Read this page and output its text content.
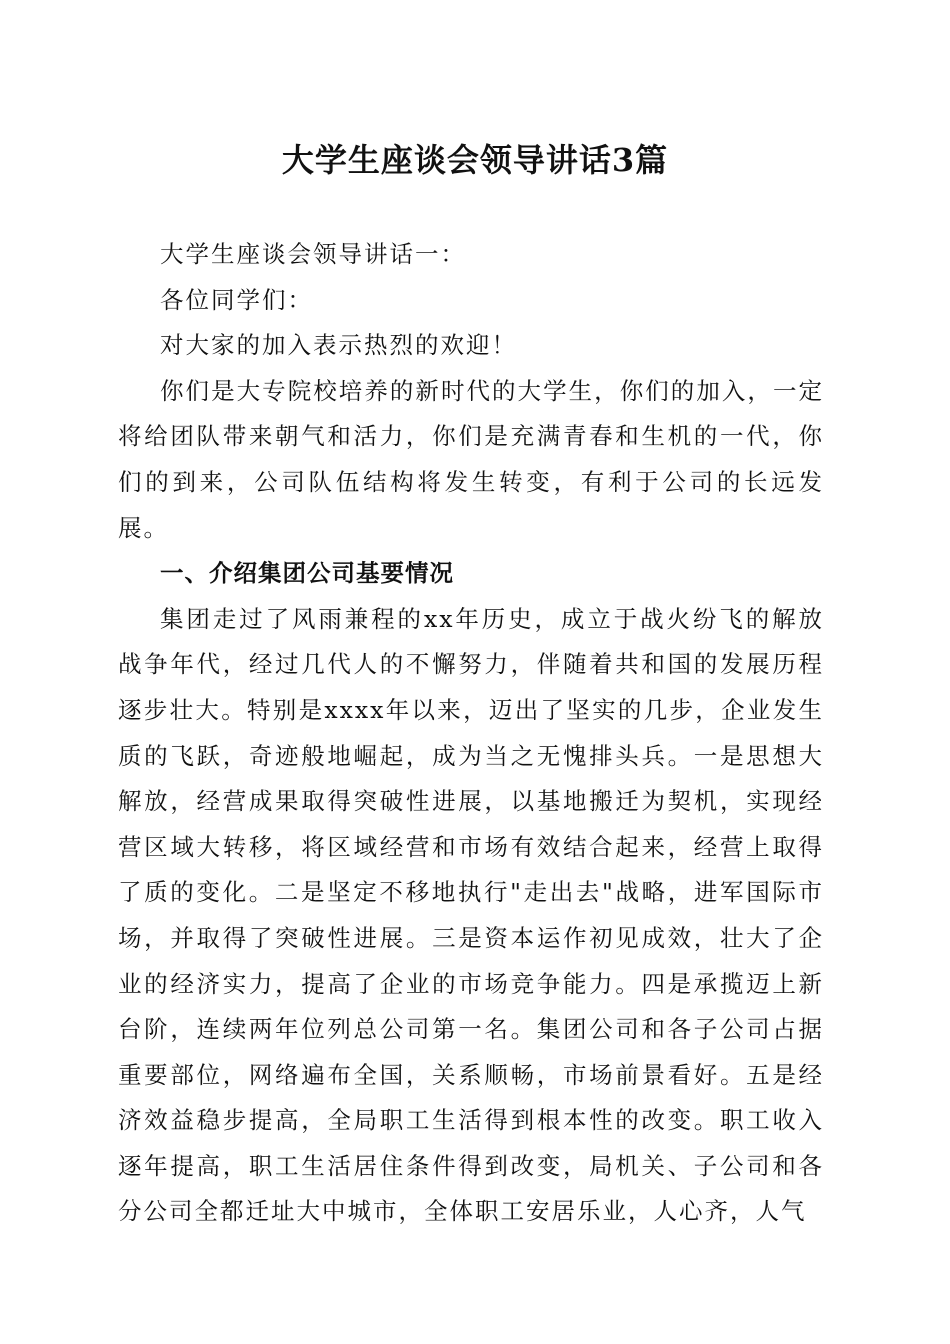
大学生座谈会领导讲话3篇

大学生座谈会领导讲话一：

各位同学们：

对大家的加入表示热烈的欢迎！

你们是大专院校培养的新时代的大学生，你们的加入，一定将给团队带来朝气和活力，你们是充满青春和生机的一代，你们的到来，公司队伍结构将发生转变，有利于公司的长远发展。

一、介绍集团公司基要情况

集团走过了风雨兼程的xx年历史，成立于战火纷飞的解放战争年代，经过几代人的不懈努力，伴随着共和国的发展历程逐步壮大。特别是xxxx年以来，迈出了坚实的几步，企业发生质的飞跃，奇迹般地崛起，成为当之无愧排头兵。一是思想大解放，经营成果取得突破性进展，以基地搬迁为契机，实现经营区域大转移，将区域经营和市场有效结合起来，经营上取得了质的变化。二是坚定不移地执行"走出去"战略，进军国际市场，并取得了突破性进展。三是资本运作初见成效，壮大了企业的经济实力，提高了企业的市场竞争能力。四是承揽迈上新台阶，连续两年位列总公司第一名。集团公司和各子公司占据重要部位，网络遍布全国，关系顺畅，市场前景看好。五是经济效益稳步提高，全局职工生活得到根本性的改变。职工收入逐年提高，职工生活居住条件得到改变，局机关、子公司和各分公司全都迁址大中城市，全体职工安居乐业，人心齐，人气
